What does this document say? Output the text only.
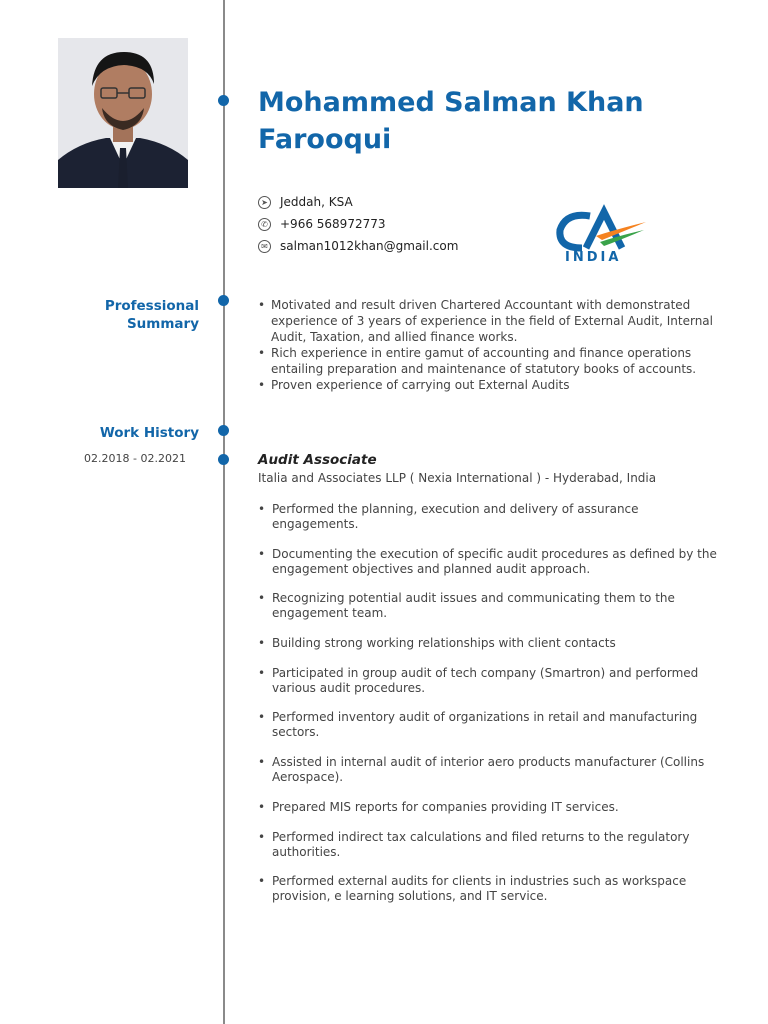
Mohammed Salman Khan Farooqui
➤ Jeddah, KSA
✆ +966 568972773
✉ salman1012khan@gmail.com
INDIA
Professional Summary
• Motivated and result driven Chartered Accountant with demonstrated experience of 3 years of experience in the field of External Audit, Internal Audit, Taxation, and allied finance works.
• Rich experience in entire gamut of accounting and finance operations entailing preparation and maintenance of statutory books of accounts.
• Proven experience of carrying out External Audits
Work History
02.2018 - 02.2021	Audit Associate
Italia and Associates LLP ( Nexia International ) - Hyderabad, India
• Performed the planning, execution and delivery of assurance engagements.
• Documenting the execution of specific audit procedures as defined by the engagement objectives and planned audit approach.
• Recognizing potential audit issues and communicating them to the engagement team.
• Building strong working relationships with client contacts
• Participated in group audit of tech company (Smartron) and performed various audit procedures.
• Performed inventory audit of organizations in retail and manufacturing sectors.
• Assisted in internal audit of interior aero products manufacturer (Collins Aerospace).
• Prepared MIS reports for companies providing IT services.
• Performed indirect tax calculations and filed returns to the regulatory authorities.
• Performed external audits for clients in industries such as workspace provision, e learning solutions, and IT service.
